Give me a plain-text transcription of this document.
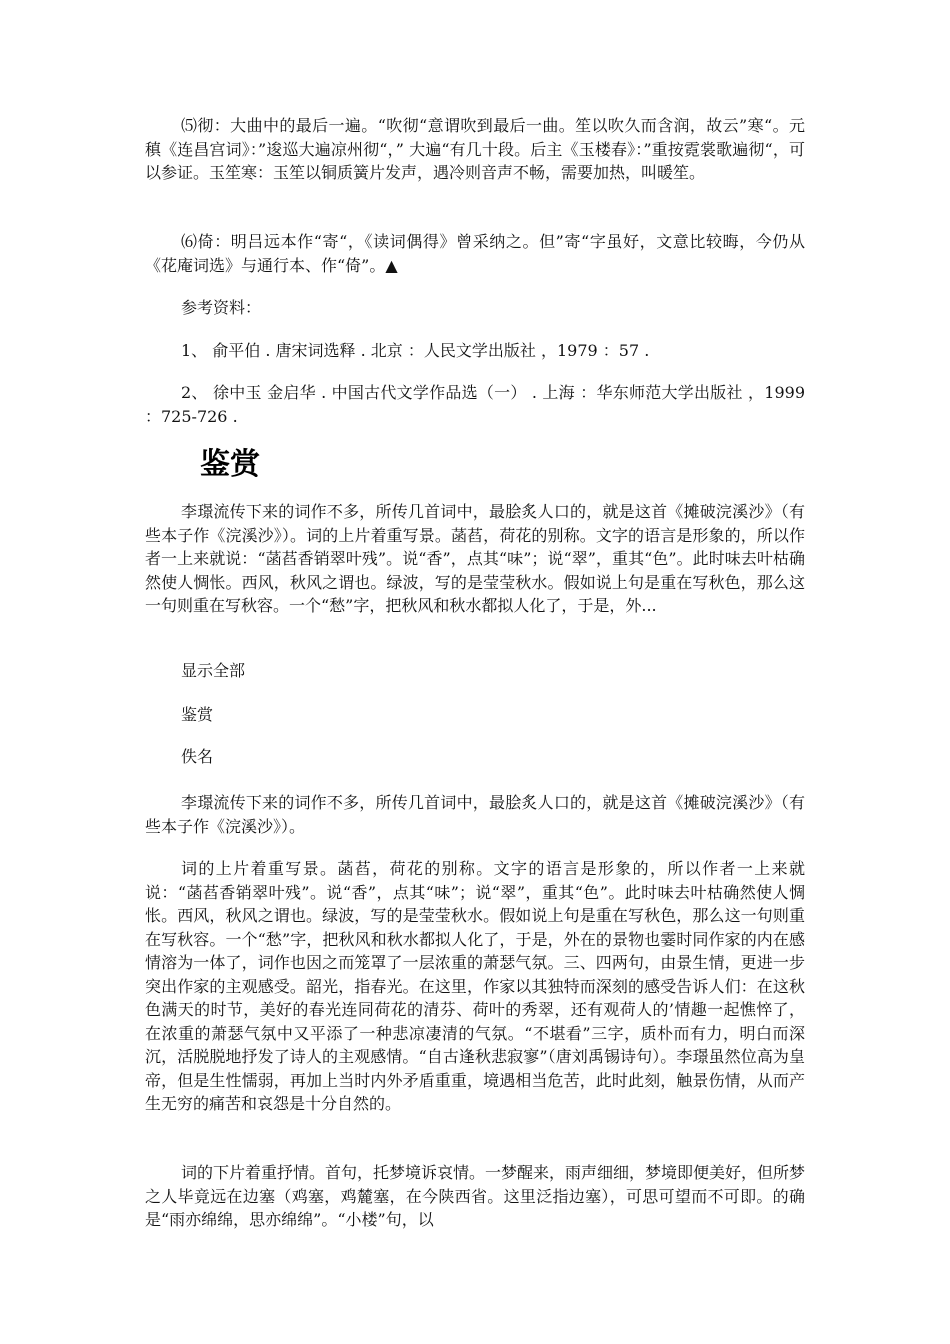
⑸彻：大曲中的最后一遍。“吹彻“意谓吹到最后一曲。笙以吹久而含润，故云”寒“。元稹《连昌宫词》：”逡巡大遍凉州彻“，” 大遍“有几十段。后主《玉楼春》：”重按霓裳歌遍彻“，可以参证。玉笙寒：玉笙以铜质簧片发声，遇冷则音声不畅，需要加热，叫暖笙。

⑹倚：明吕远本作“寄“，《读词偶得》曾采纳之。但”寄“字虽好，文意比较晦，今仍从《花庵词选》与通行本、作“倚”。▲

参考资料：

1、 俞平伯 . 唐宋词选释 . 北京 ：人民文学出版社 ，1979 ：57 .

2、 徐中玉 金启华 . 中国古代文学作品选（一） . 上海 ：华东师范大学出版社 ，1999 ：725-726 .

鉴赏

李璟流传下来的词作不多，所传几首词中，最脍炙人口的，就是这首《摊破浣溪沙》（有些本子作《浣溪沙》）。词的上片着重写景。菡萏，荷花的别称。文字的语言是形象的，所以作者一上来就说：“菡萏香销翠叶残”。说“香”，点其“味”；说“翠”，重其“色”。此时味去叶枯确然使人惆怅。西风，秋风之谓也。绿波，写的是莹莹秋水。假如说上句是重在写秋色，那么这一句则重在写秋容。一个“愁”字，把秋风和秋水都拟人化了，于是，外...

显示全部

鉴赏

佚名

李璟流传下来的词作不多，所传几首词中，最脍炙人口的，就是这首《摊破浣溪沙》（有些本子作《浣溪沙》）。

词的上片着重写景。菡萏，荷花的别称。文字的语言是形象的，所以作者一上来就说：“菡萏香销翠叶残”。说“香”，点其“味”；说“翠”，重其“色”。此时味去叶枯确然使人惆怅。西风，秋风之谓也。绿波，写的是莹莹秋水。假如说上句是重在写秋色，那么这一句则重在写秋容。一个“愁”字，把秋风和秋水都拟人化了，于是，外在的景物也霎时同作家的内在感情溶为一体了，词作也因之而笼罩了一层浓重的萧瑟气氛。三、四两句，由景生情，更进一步突出作家的主观感受。韶光，指春光。在这里，作家以其独特而深刻的感受告诉人们：在这秋色满天的时节，美好的春光连同荷花的清芬、荷叶的秀翠，还有观荷人的’情趣一起憔悴了，在浓重的萧瑟气氛中又平添了一种悲凉凄清的气氛。“不堪看”三字，质朴而有力，明白而深沉，活脱脱地抒发了诗人的主观感情。“自古逢秋悲寂寥”（唐刘禹锡诗句）。李璟虽然位高为皇帝，但是生性懦弱，再加上当时内外矛盾重重，境遇相当危苦，此时此刻，触景伤情，从而产生无穷的痛苦和哀怨是十分自然的。

词的下片着重抒情。首句，托梦境诉哀情。一梦醒来，雨声细细，梦境即便美好，但所梦之人毕竟远在边塞（鸡塞，鸡麓塞，在今陕西省。这里泛指边塞），可思可望而不可即。的确是“雨亦绵绵，思亦绵绵”。“小楼”句，以
